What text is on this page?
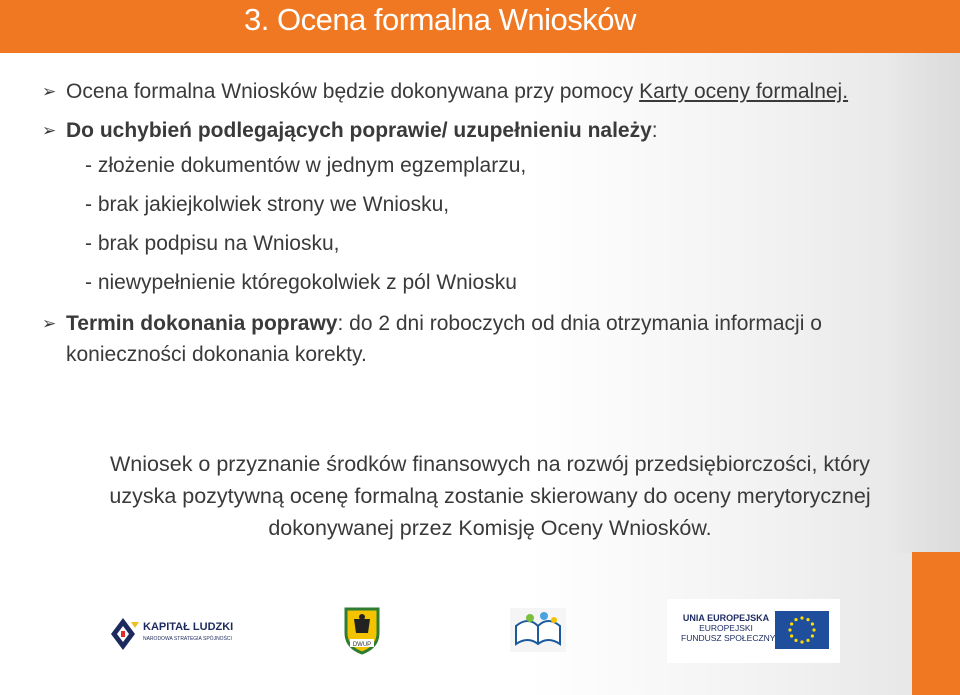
3. Ocena formalna Wniosków
➢ Ocena formalna Wniosków będzie dokonywana przy pomocy Karty oceny formalnej.
➢ Do uchybień podlegających poprawie/ uzupełnieniu należy:
- złożenie dokumentów w jednym egzemplarzu,
- brak jakiejkolwiek strony we Wniosku,
- brak podpisu na Wniosku,
- niewypełnienie któregokolwiek z pól Wniosku
➢ Termin dokonania poprawy: do 2 dni roboczych od dnia otrzymania informacji o konieczności dokonania korekty.
Wniosek o przyznanie środków finansowych na rozwój przedsiębiorczości, który uzyska pozytywną ocenę formalną zostanie skierowany do oceny merytorycznej dokonywanej przez Komisję Oceny Wniosków.
KAPITAŁ LUDZKI
NARODOWA STRATEGIA SPÓJNOŚCI
DWUP
UNIA EUROPEJSKA
EUROPEJSKI
FUNDUSZ SPOŁECZNY
